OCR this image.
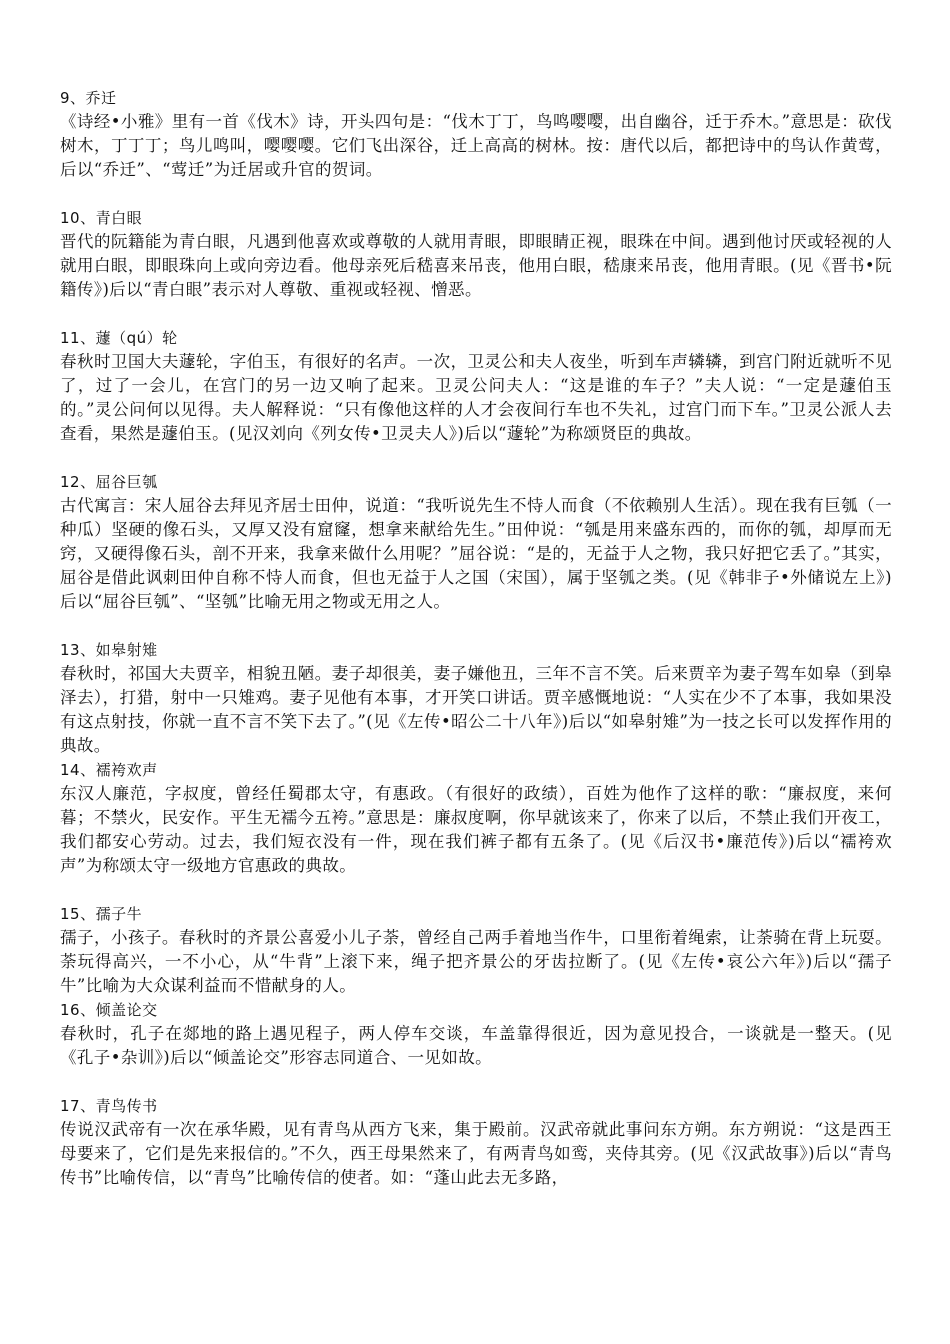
9、乔迁

《诗经•小雅》里有一首《伐木》诗，开头四句是：“伐木丁丁，鸟鸣嘤嘤，出自幽谷，迁于乔木。”意思是：砍伐树木，丁丁丁；鸟儿鸣叫，嘤嘤嘤。它们飞出深谷，迁上高高的树林。按：唐代以后，都把诗中的鸟认作黄莺，后以“乔迁”、“莺迁”为迁居或升官的贺词。

10、青白眼

晋代的阮籍能为青白眼，凡遇到他喜欢或尊敬的人就用青眼，即眼睛正视，眼珠在中间。遇到他讨厌或轻视的人就用白眼，即眼珠向上或向旁边看。他母亲死后嵇喜来吊丧，他用白眼，嵇康来吊丧，他用青眼。(见《晋书•阮籍传》)后以“青白眼”表示对人尊敬、重视或轻视、憎恶。

11、蘧（qú）轮

春秋时卫国大夫蘧轮，字伯玉，有很好的名声。一次，卫灵公和夫人夜坐，听到车声辚辚，到宫门附近就听不见了，过了一会儿，在宫门的另一边又响了起来。卫灵公问夫人：“这是谁的车子？”夫人说：“一定是蘧伯玉的。”灵公问何以见得。夫人解释说：“只有像他这样的人才会夜间行车也不失礼，过宫门而下车。”卫灵公派人去查看，果然是蘧伯玉。(见汉刘向《列女传•卫灵夫人》)后以“蘧轮”为称颂贤臣的典故。

12、屈谷巨瓠

古代寓言：宋人屈谷去拜见齐居士田仲，说道：“我听说先生不恃人而食（不依赖别人生活）。现在我有巨瓠（一种瓜）坚硬的像石头，又厚又没有窟窿，想拿来献给先生。”田仲说：“瓠是用来盛东西的，而你的瓠，却厚而无窍，又硬得像石头，剖不开来，我拿来做什么用呢？”屈谷说：“是的，无益于人之物，我只好把它丢了。”其实，屈谷是借此讽刺田仲自称不恃人而食，但也无益于人之国（宋国），属于坚瓠之类。(见《韩非子•外储说左上》)后以“屈谷巨瓠”、“坚瓠”比喻无用之物或无用之人。

13、如皋射雉

春秋时，祁国大夫贾辛，相貌丑陋。妻子却很美，妻子嫌他丑，三年不言不笑。后来贾辛为妻子驾车如皋（到皋泽去），打猎，射中一只雉鸡。妻子见他有本事，才开笑口讲话。贾辛感慨地说：“人实在少不了本事，我如果没有这点射技，你就一直不言不笑下去了。”(见《左传•昭公二十八年》)后以“如皋射雉”为一技之长可以发挥作用的典故。

14、襦袴欢声

东汉人廉范，字叔度，曾经任蜀郡太守，有惠政。（有很好的政绩），百姓为他作了这样的歌：“廉叔度，来何暮；不禁火，民安作。平生无襦今五袴。”意思是：廉叔度啊，你早就该来了，你来了以后，不禁止我们开夜工，我们都安心劳动。过去，我们短衣没有一件，现在我们裤子都有五条了。(见《后汉书•廉范传》)后以“襦袴欢声”为称颂太守一级地方官惠政的典故。

15、孺子牛

孺子，小孩子。春秋时的齐景公喜爱小儿子荼，曾经自己两手着地当作牛，口里衔着绳索，让荼骑在背上玩耍。荼玩得高兴，一不小心，从“牛背”上滚下来，绳子把齐景公的牙齿拉断了。(见《左传•哀公六年》)后以“孺子牛”比喻为大众谋利益而不惜献身的人。

16、倾盖论交

春秋时，孔子在郯地的路上遇见程子，两人停车交谈，车盖靠得很近，因为意见投合，一谈就是一整天。(见《孔子•杂训》)后以“倾盖论交”形容志同道合、一见如故。

17、青鸟传书

传说汉武帝有一次在承华殿，见有青鸟从西方飞来，集于殿前。汉武帝就此事问东方朔。东方朔说：“这是西王母要来了，它们是先来报信的。”不久，西王母果然来了，有两青鸟如鸾，夹侍其旁。(见《汉武故事》)后以“青鸟传书”比喻传信，以“青鸟”比喻传信的使者。如：“蓬山此去无多路，
